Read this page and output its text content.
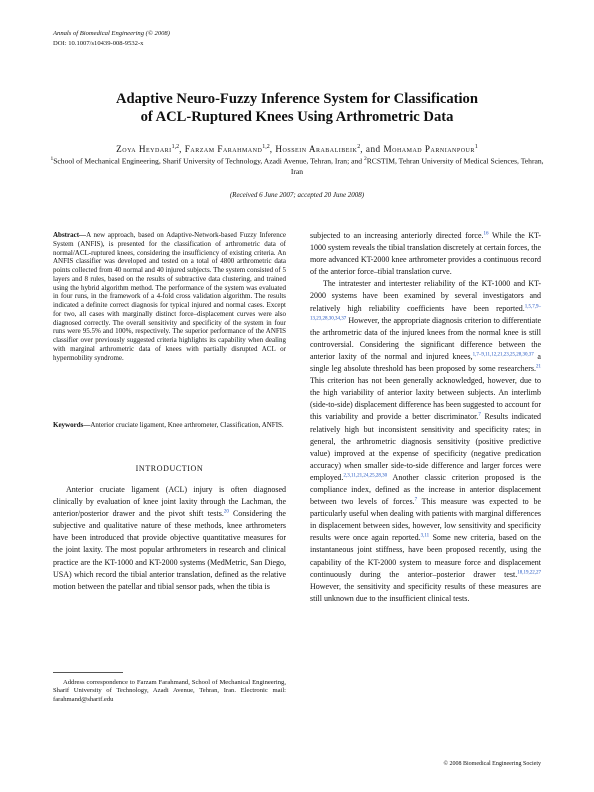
Annals of Biomedical Engineering (© 2008)
DOI: 10.1007/s10439-008-9532-x
Adaptive Neuro-Fuzzy Inference System for Classification
of ACL-Ruptured Knees Using Arthrometric Data
Zoya Heydari$^{1,2}$, Farzam Farahmand$^{1,2}$, Hossein Arabalibeik$^2$, and Mohamad Parnianpour$^1$
$^1$School of Mechanical Engineering, Sharif University of Technology, Azadi Avenue, Tehran, Iran; and $^2$RCSTIM, Tehran University of Medical Sciences, Tehran, Iran
(Received 6 June 2007; accepted 20 June 2008)
Abstract—A new approach, based on Adaptive-Network-based Fuzzy Inference System (ANFIS), is presented for the classification of arthrometric data of normal/ACL-ruptured knees, considering the insufficiency of existing criteria. An ANFIS classifier was developed and tested on a total of 4800 arthrometric data points collected from 40 normal and 40 injured subjects. The system consisted of 5 layers and 8 rules, based on the results of subtractive data clustering, and trained using the hybrid algorithm method. The performance of the system was evaluated in four runs, in the framework of a 4-fold cross validation algorithm. The results indicated a definite correct diagnosis for typical injured and normal cases. Except for two, all cases with marginally distinct force–displacement curves were also diagnosed correctly. The overall sensitivity and specificity of the system in four runs were 95.5% and 100%, respectively. The superior performance of the ANFIS classifier over previously suggested criteria highlights its capability when dealing with marginal arthrometric data of knees with partially disrupted ACL or hypermobility syndrome.
Keywords—Anterior cruciate ligament, Knee arthrometer, Classification, ANFIS.
INTRODUCTION

Anterior cruciate ligament (ACL) injury is often diagnosed clinically by evaluation of knee joint laxity through the Lachman, the anterior/posterior drawer and the pivot shift tests.$^{20}$ Considering the subjective and qualitative nature of these methods, knee arthrometers have been introduced that provide objective quantitative measures for the joint laxity. The most popular arthrometers in research and clinical practice are the KT-1000 and KT-2000 systems (MedMetric, San Diego, USA) which record the tibial anterior translation, defined as the relative motion between the patellar and tibial sensor pads, when the tibia is

subjected to an increasing anteriorly directed force.$^{16}$ While the KT-1000 system reveals the tibial translation discretely at certain forces, the more advanced KT-2000 knee arthrometer provides a continuous record of the anterior force–tibial translation curve.

The intratester and intertester reliability of the KT-1000 and KT-2000 systems have been examined by several investigators and relatively high reliability coefficients have been reported.$^{1,5,7,9-13,23,28,30,34,37}$ However, the appropriate diagnosis criterion to differentiate the arthrometric data of the injured knees from the normal knee is still controversial. Considering the significant difference between the anterior laxity of the normal and injured knees,$^{1,7-9,11,12,21,23,25,28,30,37}$ a single leg absolute threshold has been proposed by some researchers.$^{21}$ This criterion has not been generally acknowledged, however, due to the high variability of anterior laxity between subjects. An interlimb (side-to-side) displacement difference has been suggested to account for this variability and provide a better discriminator.$^7$ Results indicated relatively high but inconsistent sensitivity and specificity rates; in general, the arthrometric diagnosis sensitivity (positive predictive value) improved at the expense of specificity (negative predication accuracy) when smaller side-to-side difference and larger forces were employed.$^{2,3,11,21,24,25,28,30}$ Another classic criterion proposed is the compliance index, defined as the increase in anterior displacement between two levels of forces.$^7$ This measure was expected to be particularly useful when dealing with patients with marginal differences in displacement between sides, however, low sensitivity and specificity results were once again reported.$^{3,11}$ Some new criteria, based on the instantaneous joint stiffness, have been proposed recently, using the capability of the KT-2000 system to measure force and displacement continuously during the anterior–posterior drawer test.$^{18,19,22,27}$ However, the sensitivity and specificity results of these measures are still unknown due to the insufficient clinical tests.

Address correspondence to Farzam Farahmand, School of Mechanical Engineering, Sharif University of Technology, Azadi Avenue, Tehran, Iran. Electronic mail: farahmand@sharif.edu

© 2008 Biomedical Engineering Society
